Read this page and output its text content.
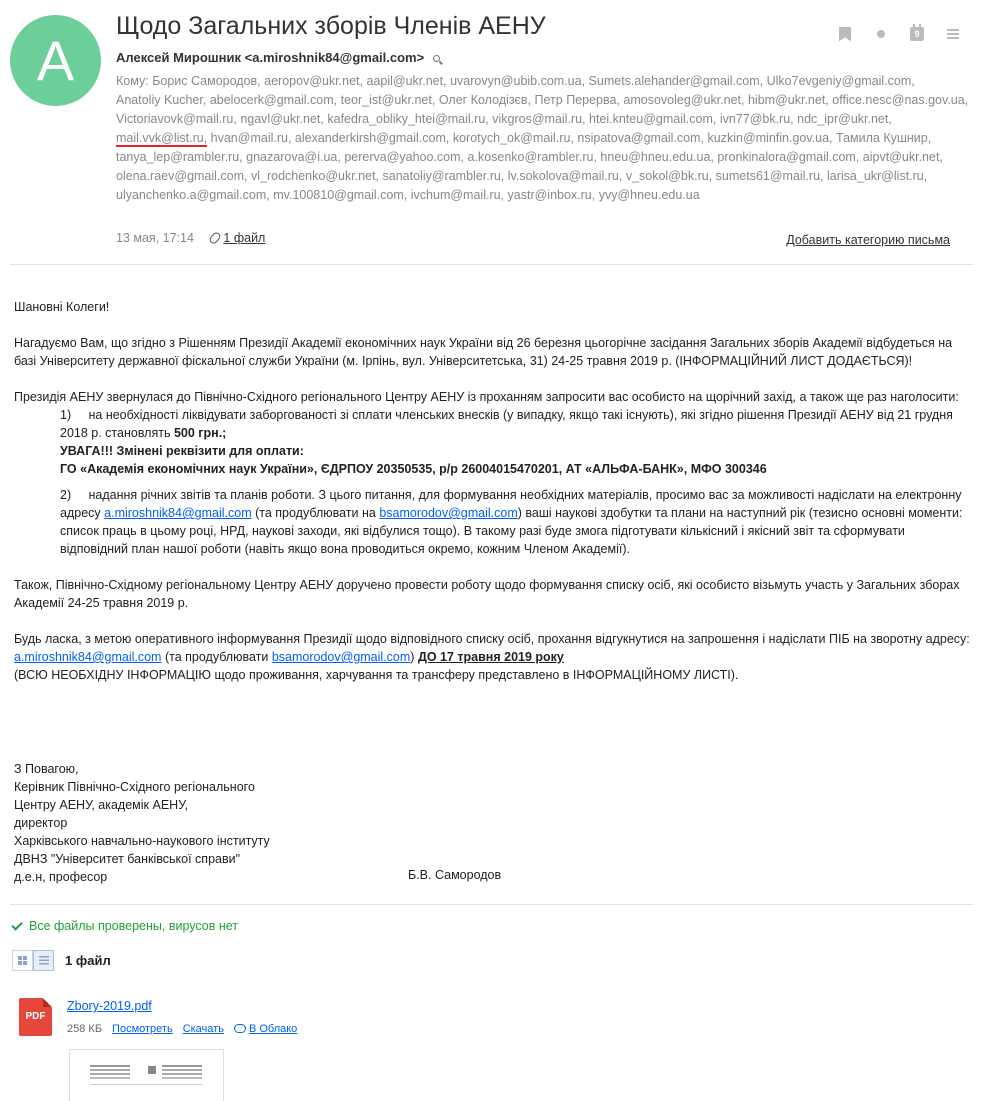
A
Щодо Загальних зборів Членів АЕНУ	9
Алексей Мирошник <a.miroshnik84@gmail.com>
Кому: Борис Самородов, aeropov@ukr.net, aapil@ukr.net, uvarovyn@ubib.com.ua, Sumets.alehander@gmail.com, Ulko7evgeniy@gmail.com, Anatoliy Kucher, abelocerk@gmail.com, teor_ist@ukr.net, Олег Колодізєв, Петр Перерва, amosovoleg@ukr.net, hibm@ukr.net, office.nesc@nas.gov.ua, Victoriavovk@mail.ru, ngavl@ukr.net, kafedra_obliky_htei@mail.ru, vikgros@mail.ru, htei.knteu@gmail.com, ivn77@bk.ru, ndc_ipr@ukr.net, mail.vvk@list.ru, hvan@mail.ru, alexanderkirsh@gmail.com, korotych_ok@mail.ru, nsipatova@gmail.com, kuzkin@minfin.gov.ua, Тамила Кушнир, tanya_lep@rambler.ru, gnazarova@i.ua, pererva@yahoo.com, a.kosenko@rambler.ru, hneu@hneu.edu.ua, pronkinalora@gmail.com, aipvt@ukr.net, olena.raev@gmail.com, vl_rodchenko@ukr.net, sanatoliy@rambler.ru, lv.sokolova@mail.ru, v_sokol@bk.ru, sumets61@mail.ru, larisa_ukr@list.ru, ulyanchenko.a@gmail.com, mv.100810@gmail.com, ivchum@mail.ru, yastr@inbox.ru, yvy@hneu.edu.ua
13 мая, 17:14 1 файл	Добавить категорию письма

Шановні Колеги!

Нагадуємо Вам, що згідно з Рішенням Президії Академії економічних наук України від 26 березня цьогорічне засідання Загальних зборів Академії відбудеться на базі Університету державної фіскальної служби України (м. Ірпінь, вул. Університетська, 31) 24-25 травня 2019 р. (ІНФОРМАЦІЙНИЙ ЛИСТ ДОДАЄТЬСЯ)!

Президія АЕНУ звернулася до Північно-Східного регіонального Центру АЕНУ із проханням запросити вас особисто на щорічний захід, а також ще раз наголосити:

1) на необхідності ліквідувати заборгованості зі сплати членських внесків (у випадку, якщо такі існують), які згідно рішення Президії АЕНУ від 21 грудня 2018 р. становлять 500 грн.;

УВАГА!!! Змінені реквізити для оплати:

ГО «Академія економічних наук України», ЄДРПОУ 20350535, р/р 26004015470201, АТ «АЛЬФА-БАНК», МФО 300346

2) надання річних звітів та планів роботи. З цього питання, для формування необхідних матеріалів, просимо вас за можливості надіслати на електронну адресу a.miroshnik84@gmail.com (та продублювати на bsamorodov@gmail.com) ваші наукові здобутки та плани на наступний рік (тезисно основні моменти: список праць в цьому році, НРД, наукові заходи, які відбулися тощо). В такому разі буде змога підготувати кількісний і якісний звіт та сформувати відповідний план нашої роботи (навіть якщо вона проводиться окремо, кожним Членом Академії).

Також, Північно-Східному регіональному Центру АЕНУ доручено провести роботу щодо формування списку осіб, які особисто візьмуть участь у Загальних зборах Академії 24-25 травня 2019 р.

Будь ласка, з метою оперативного інформування Президії щодо відповідного списку осіб, прохання відгукнутися на запрошення і надіслати ПІБ на зворотну адресу: a.miroshnik84@gmail.com (та продублювати bsamorodov@gmail.com) ДО 17 травня 2019 року

(ВСЮ НЕОБХІДНУ ІНФОРМАЦІЮ щодо проживання, харчування та трансферу представлено в ІНФОРМАЦІЙНОМУ ЛИСТІ).

З Повагою,
Керівник Північно-Східного регіонального
Центру АЕНУ, академік АЕНУ,
директор
Харківського навчально-наукового інституту
ДВНЗ "Університет банківської справи"
д.е.н, професор	Б.В. Самородов
Все файлы проверены, вирусов нет
1 файл
PDF
Zbory-2019.pdf
258 КБ Посмотреть Скачать	В Облако
